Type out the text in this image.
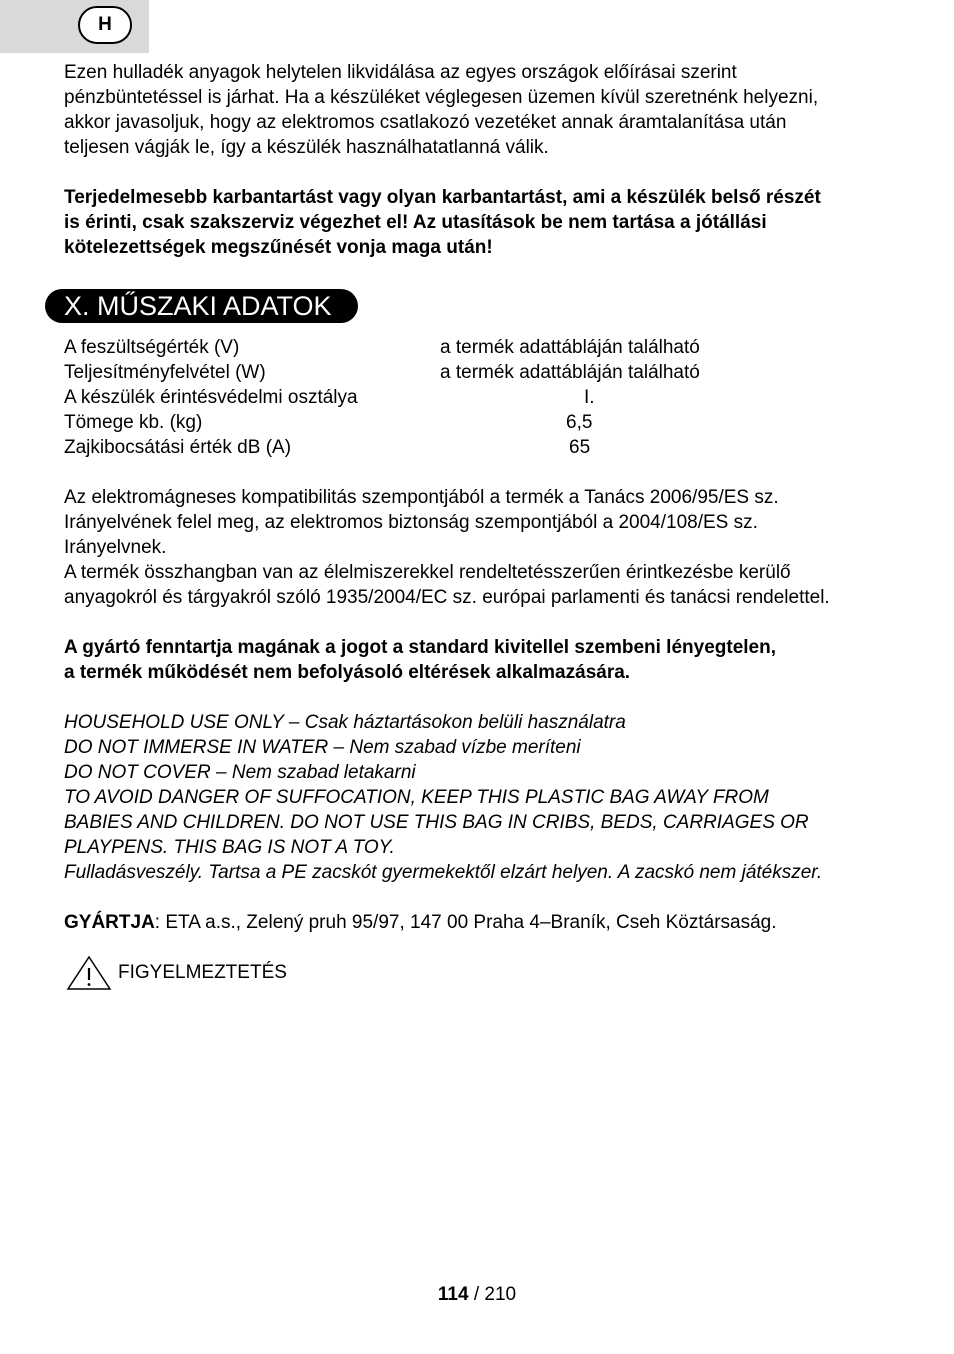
H
Ezen hulladék anyagok helytelen likvidálása az egyes országok előírásai szerint
pénzbüntetéssel is járhat. Ha a készüléket véglegesen üzemen kívül szeretnénk helyezni,
akkor javasoljuk, hogy az elektromos csatlakozó vezetéket annak áramtalanítása után
teljesen vágják le, így a készülék használhatatlanná válik.
Terjedelmesebb karbantartást vagy olyan karbantartást, ami a készülék belső részét
is érinti, csak szakszerviz végezhet el! Az utasítások be nem tartása a jótállási
kötelezettségek megszűnését vonja maga után!
X. MŰSZAKI ADATOK
A feszültségérték (V)	a termék adattábláján található
Teljesítményfelvétel (W)	a termék adattábláján található
A készülék érintésvédelmi osztálya	I.
Tömege kb. (kg)	6,5
Zajkibocsátási érték dB (A)	65
Az elektromágneses kompatibilitás szempontjából a termék a Tanács 2006/95/ES sz.
Irányelvének felel meg, az elektromos biztonság szempontjából a 2004/108/ES sz.
Irányelvnek.
A termék összhangban van az élelmiszerekkel rendeltetésszerűen érintkezésbe kerülő
anyagokról és tárgyakról szóló 1935/2004/EC sz. európai parlamenti és tanácsi rendelettel.
A gyártó fenntartja magának a jogot a standard kivitellel szembeni lényegtelen,
a termék működését nem befolyásoló eltérések alkalmazására.
HOUSEHOLD USE ONLY – Csak háztartásokon belüli használatra
DO NOT IMMERSE IN WATER – Nem szabad vízbe meríteni
DO NOT COVER – Nem szabad letakarni
TO AVOID DANGER OF SUFFOCATION, KEEP THIS PLASTIC BAG AWAY FROM
BABIES AND CHILDREN. DO NOT USE THIS BAG IN CRIBS, BEDS, CARRIAGES OR
PLAYPENS. THIS BAG IS NOT A TOY.
Fulladásveszély. Tartsa a PE zacskót gyermekektől elzárt helyen. A zacskó nem játékszer.
GYÁRTJA: ETA a.s., Zelený pruh 95/97, 147 00 Praha 4–Braník, Cseh Köztársaság.
FIGYELMEZTETÉS
114 / 210
